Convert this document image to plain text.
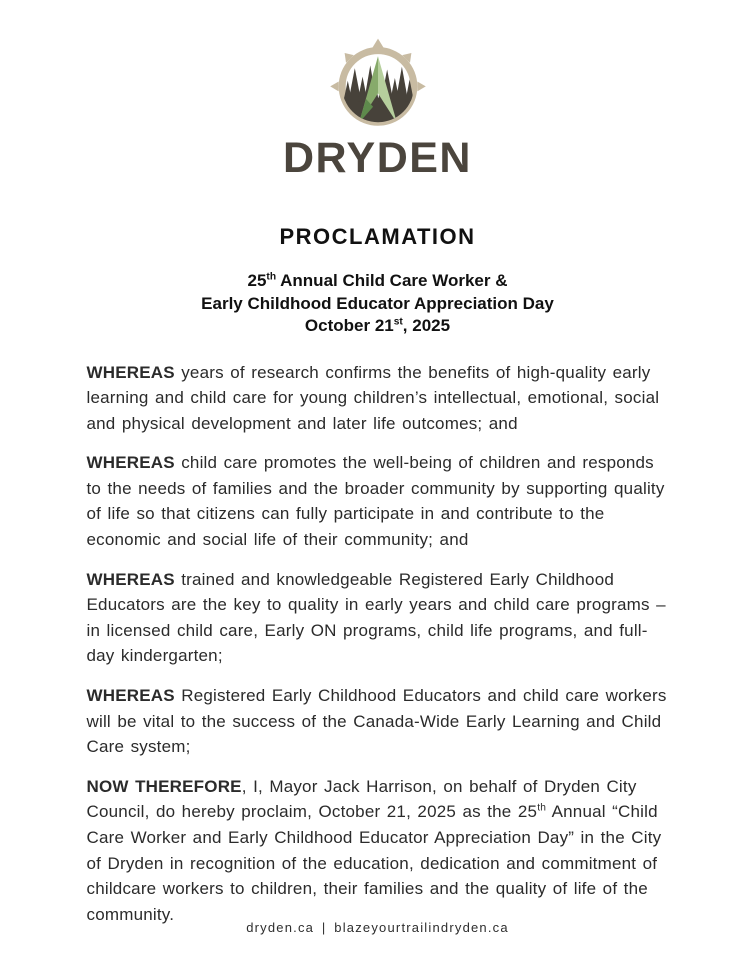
DRYDEN
PROCLAMATION
25th Annual Child Care Worker &
Early Childhood Educator Appreciation Day
October 21st, 2025

WHEREAS years of research confirms the benefits of high-quality early learning and child care for young children’s intellectual, emotional, social and physical development and later life outcomes; and

WHEREAS child care promotes the well-being of children and responds to the needs of families and the broader community by supporting quality of life so that citizens can fully participate in and contribute to the economic and social life of their community; and

WHEREAS trained and knowledgeable Registered Early Childhood Educators are the key to quality in early years and child care programs – in licensed child care, Early ON programs, child life programs, and full-day kindergarten;

WHEREAS Registered Early Childhood Educators and child care workers will be vital to the success of the Canada-Wide Early Learning and Child Care system;

NOW THEREFORE, I, Mayor Jack Harrison, on behalf of Dryden City Council, do hereby proclaim, October 21, 2025 as the 25th Annual “Child Care Worker and Early Childhood Educator Appreciation Day” in the City of Dryden in recognition of the education, dedication and commitment of childcare workers to children, their families and the quality of life of the community.

dryden.ca | blazeyourtrailindryden.ca
